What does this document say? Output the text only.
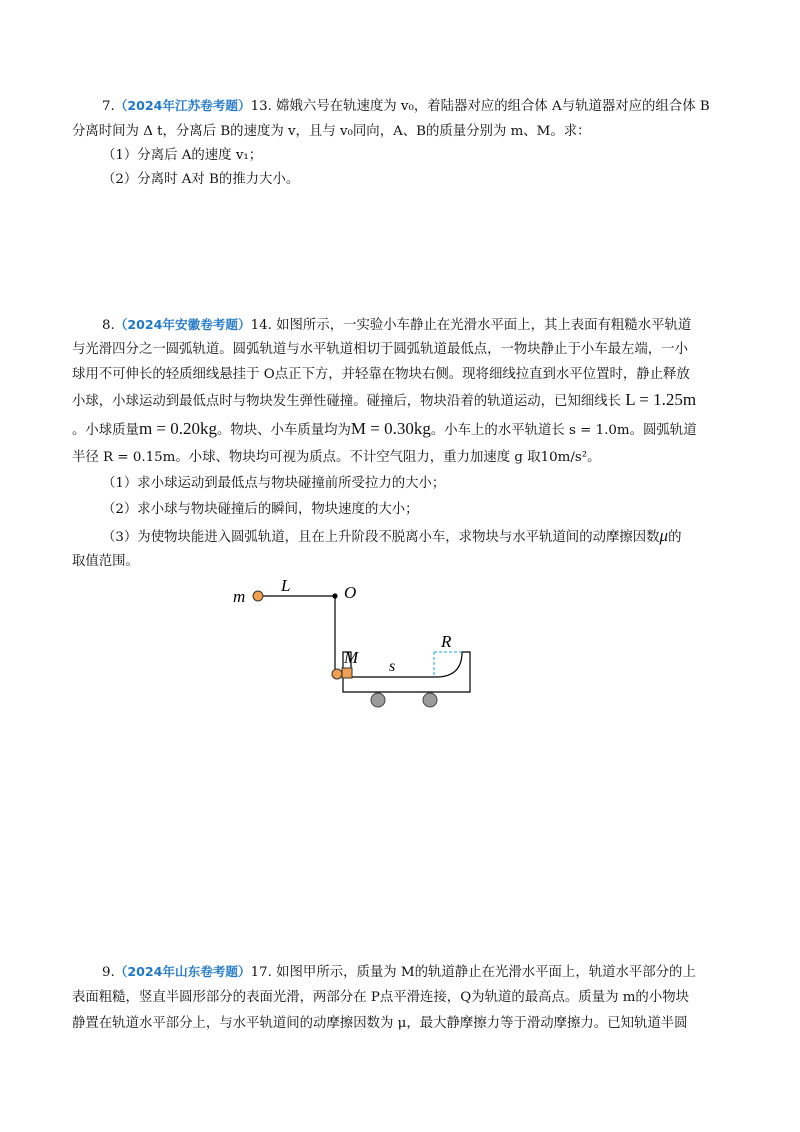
7.（2024年江苏卷考题）13. 嫦娥六号在轨速度为 v₀，着陆器对应的组合体 A与轨道器对应的组合体 B
分离时间为 Δ t，分离后 B的速度为 v，且与 v₀同向，A、B的质量分别为 m、M。求：
（1）分离后 A的速度 v₁；
（2）分离时 A对 B的推力大小。
8.（2024年安徽卷考题）14. 如图所示，一实验小车静止在光滑水平面上，其上表面有粗糙水平轨道
与光滑四分之一圆弧轨道。圆弧轨道与水平轨道相切于圆弧轨道最低点，一物块静止于小车最左端，一小
球用不可伸长的轻质细线悬挂于 O点正下方，并轻靠在物块右侧。现将细线拉直到水平位置时，静止释放
小球，小球运动到最低点时与物块发生弹性碰撞。碰撞后，物块沿着的轨道运动，已知细线长 L = 1.25m
。小球质量m = 0.20kg。物块、小车质量均为M = 0.30kg。小车上的水平轨道长 s = 1.0m。圆弧轨道
半径 R = 0.15m。小球、物块均可视为质点。不计空气阻力，重力加速度 g 取10m/s²。
（1）求小球运动到最低点与物块碰撞前所受拉力的大小；
（2）求小球与物块碰撞后的瞬间，物块速度的大小；
（3）为使物块能进入圆弧轨道，且在上升阶段不脱离小车，求物块与水平轨道间的动摩擦因数μ的
取值范围。
m
L	O
M s
R
9.（2024年山东卷考题）17. 如图甲所示，质量为 M的轨道静止在光滑水平面上，轨道水平部分的上
表面粗糙，竖直半圆形部分的表面光滑，两部分在 P点平滑连接，Q为轨道的最高点。质量为 m的小物块
静置在轨道水平部分上，与水平轨道间的动摩擦因数为 μ，最大静摩擦力等于滑动摩擦力。已知轨道半圆
